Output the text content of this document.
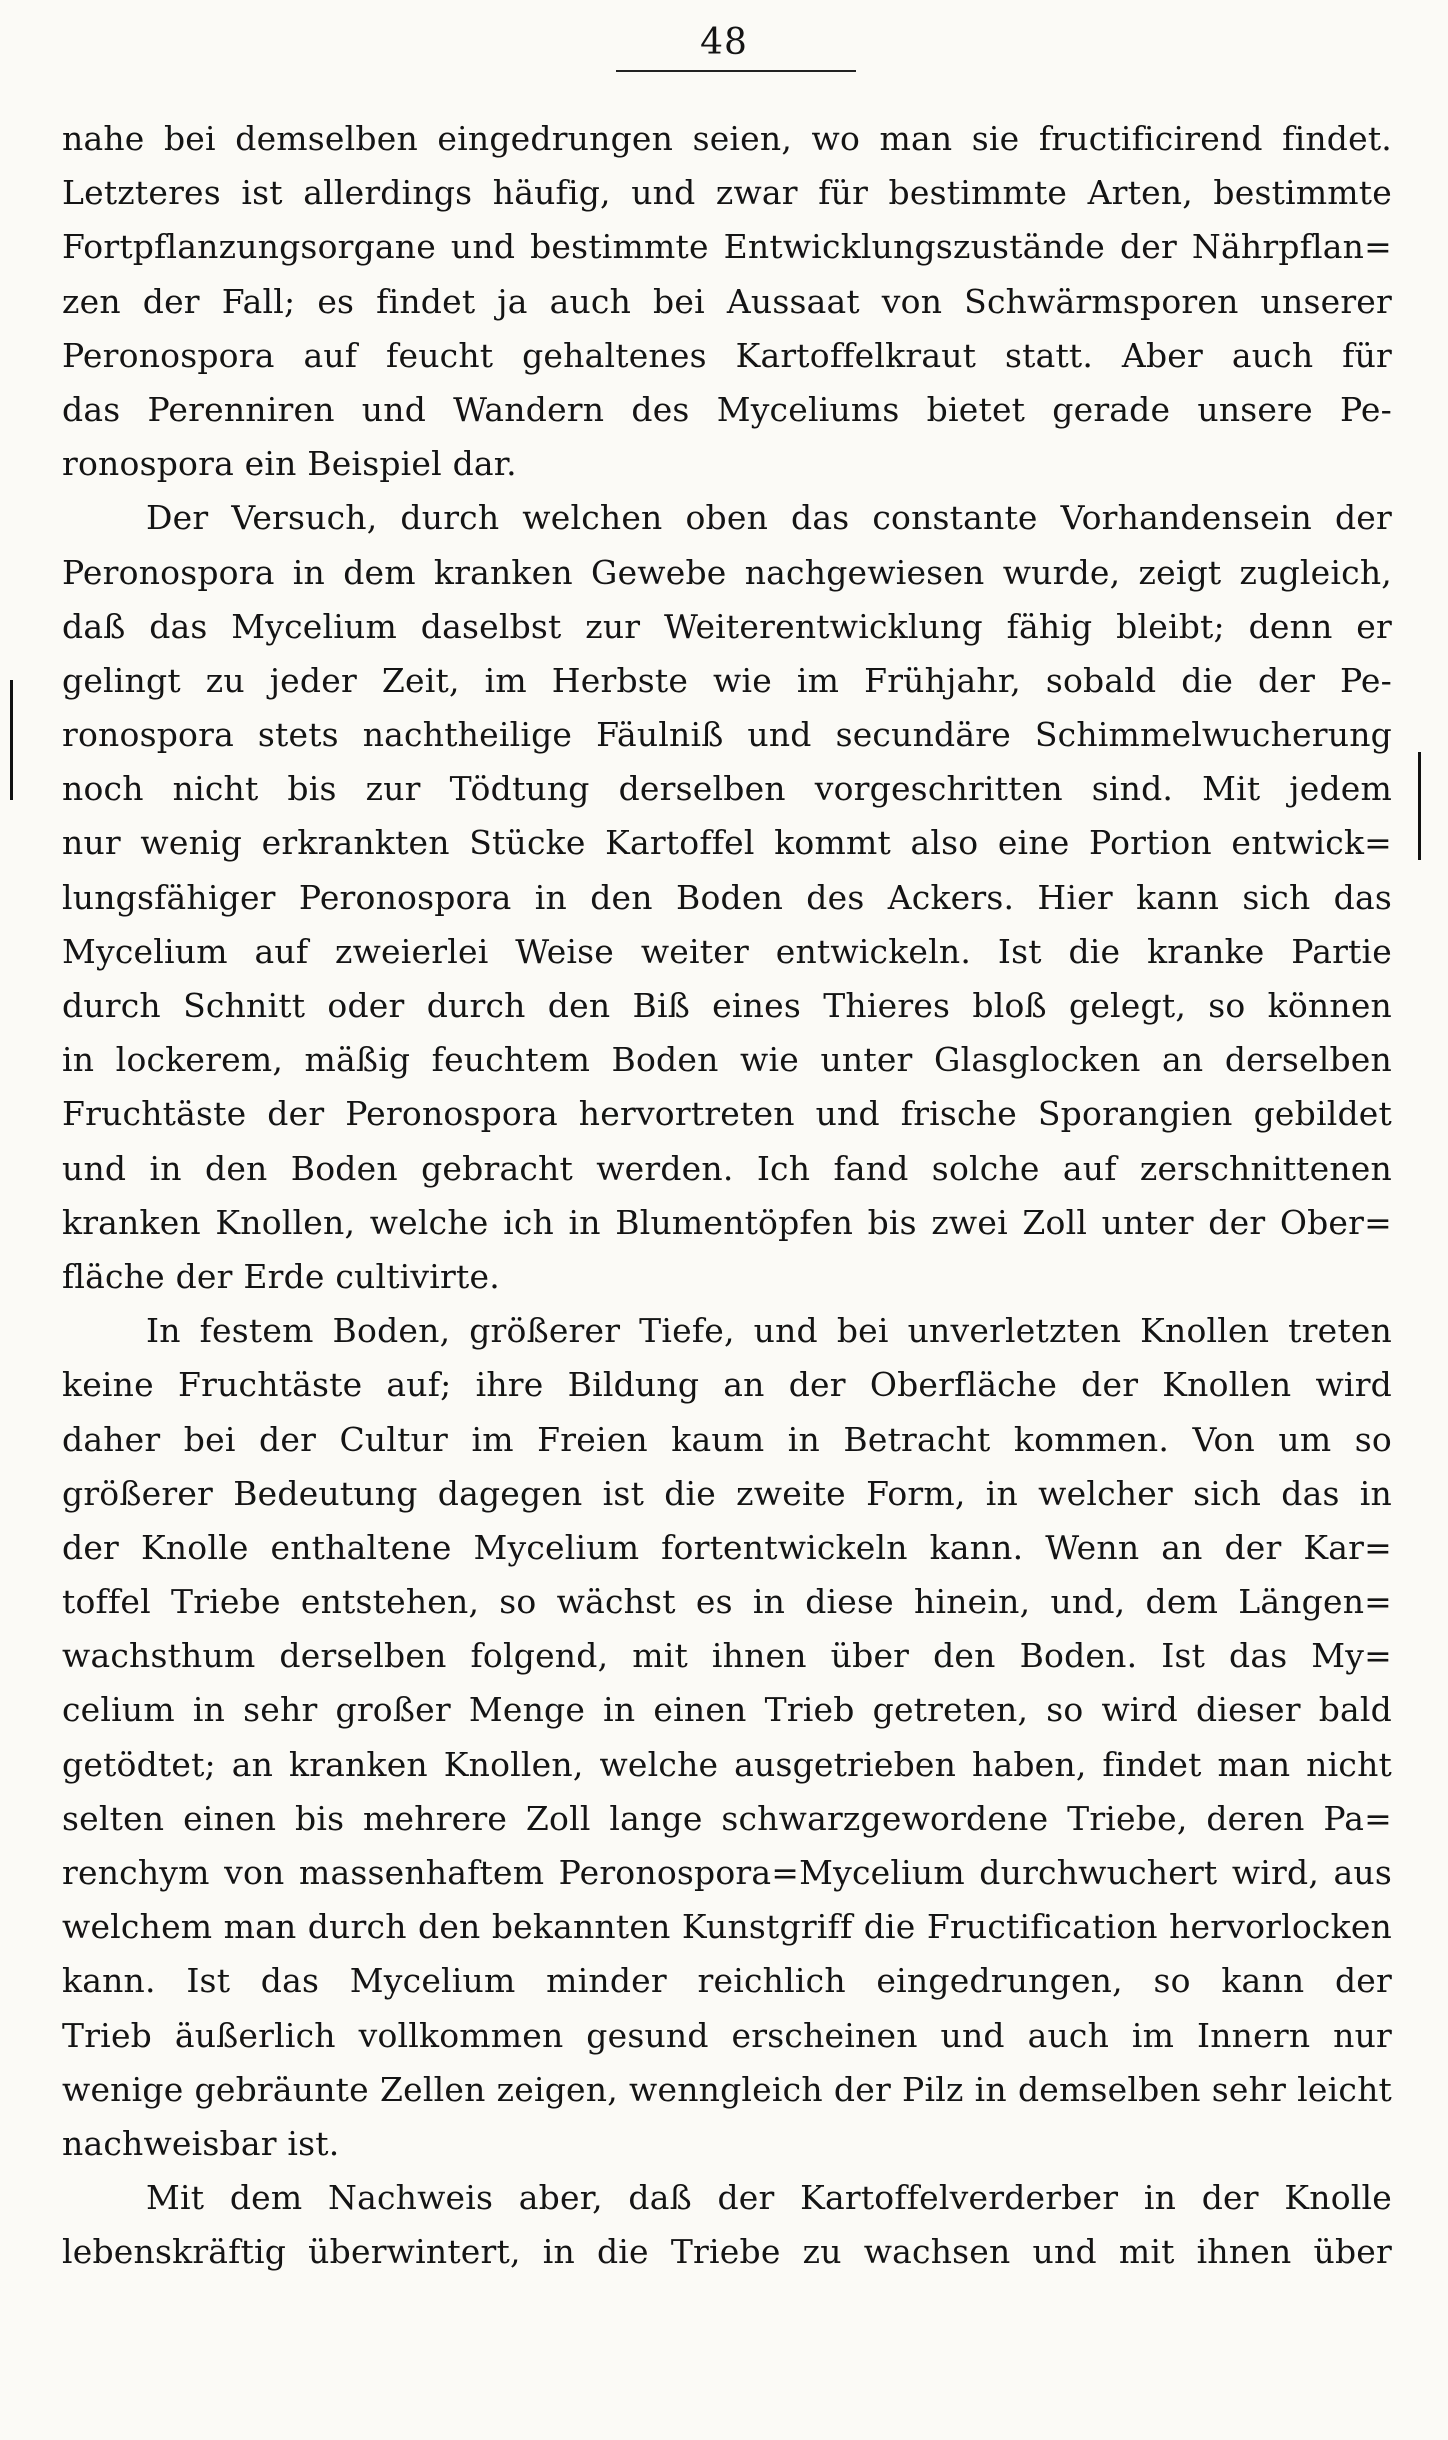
48
nahe bei demselben eingedrungen seien, wo man sie fructificirend findet.
Letzteres ist allerdings häufig, und zwar für bestimmte Arten, bestimmte
Fortpflanzungsorgane und bestimmte Entwicklungszustände der Nährpflan=
zen der Fall; es findet ja auch bei Aussaat von Schwärmsporen unserer
Peronospora auf feucht gehaltenes Kartoffelkraut statt. Aber auch für
das Perenniren und Wandern des Myceliums bietet gerade unsere Pe-
ronospora ein Beispiel dar.
Der Versuch, durch welchen oben das constante Vorhandensein der
Peronospora in dem kranken Gewebe nachgewiesen wurde, zeigt zugleich,
daß das Mycelium daselbst zur Weiterentwicklung fähig bleibt; denn er
gelingt zu jeder Zeit, im Herbste wie im Frühjahr, sobald die der Pe-
ronospora stets nachtheilige Fäulniß und secundäre Schimmelwucherung
noch nicht bis zur Tödtung derselben vorgeschritten sind. Mit jedem
nur wenig erkrankten Stücke Kartoffel kommt also eine Portion entwick=
lungsfähiger Peronospora in den Boden des Ackers. Hier kann sich das
Mycelium auf zweierlei Weise weiter entwickeln. Ist die kranke Partie
durch Schnitt oder durch den Biß eines Thieres bloß gelegt, so können
in lockerem, mäßig feuchtem Boden wie unter Glasglocken an derselben
Fruchtäste der Peronospora hervortreten und frische Sporangien gebildet
und in den Boden gebracht werden. Ich fand solche auf zerschnittenen
kranken Knollen, welche ich in Blumentöpfen bis zwei Zoll unter der Ober=
fläche der Erde cultivirte.
In festem Boden, größerer Tiefe, und bei unverletzten Knollen treten
keine Fruchtäste auf; ihre Bildung an der Oberfläche der Knollen wird
daher bei der Cultur im Freien kaum in Betracht kommen. Von um so
größerer Bedeutung dagegen ist die zweite Form, in welcher sich das in
der Knolle enthaltene Mycelium fortentwickeln kann. Wenn an der Kar=
toffel Triebe entstehen, so wächst es in diese hinein, und, dem Längen=
wachsthum derselben folgend, mit ihnen über den Boden. Ist das My=
celium in sehr großer Menge in einen Trieb getreten, so wird dieser bald
getödtet; an kranken Knollen, welche ausgetrieben haben, findet man nicht
selten einen bis mehrere Zoll lange schwarzgewordene Triebe, deren Pa=
renchym von massenhaftem Peronospora=Mycelium durchwuchert wird, aus
welchem man durch den bekannten Kunstgriff die Fructification hervorlocken
kann. Ist das Mycelium minder reichlich eingedrungen, so kann der
Trieb äußerlich vollkommen gesund erscheinen und auch im Innern nur
wenige gebräunte Zellen zeigen, wenngleich der Pilz in demselben sehr leicht
nachweisbar ist.
Mit dem Nachweis aber, daß der Kartoffelverderber in der Knolle
lebenskräftig überwintert, in die Triebe zu wachsen und mit ihnen über
